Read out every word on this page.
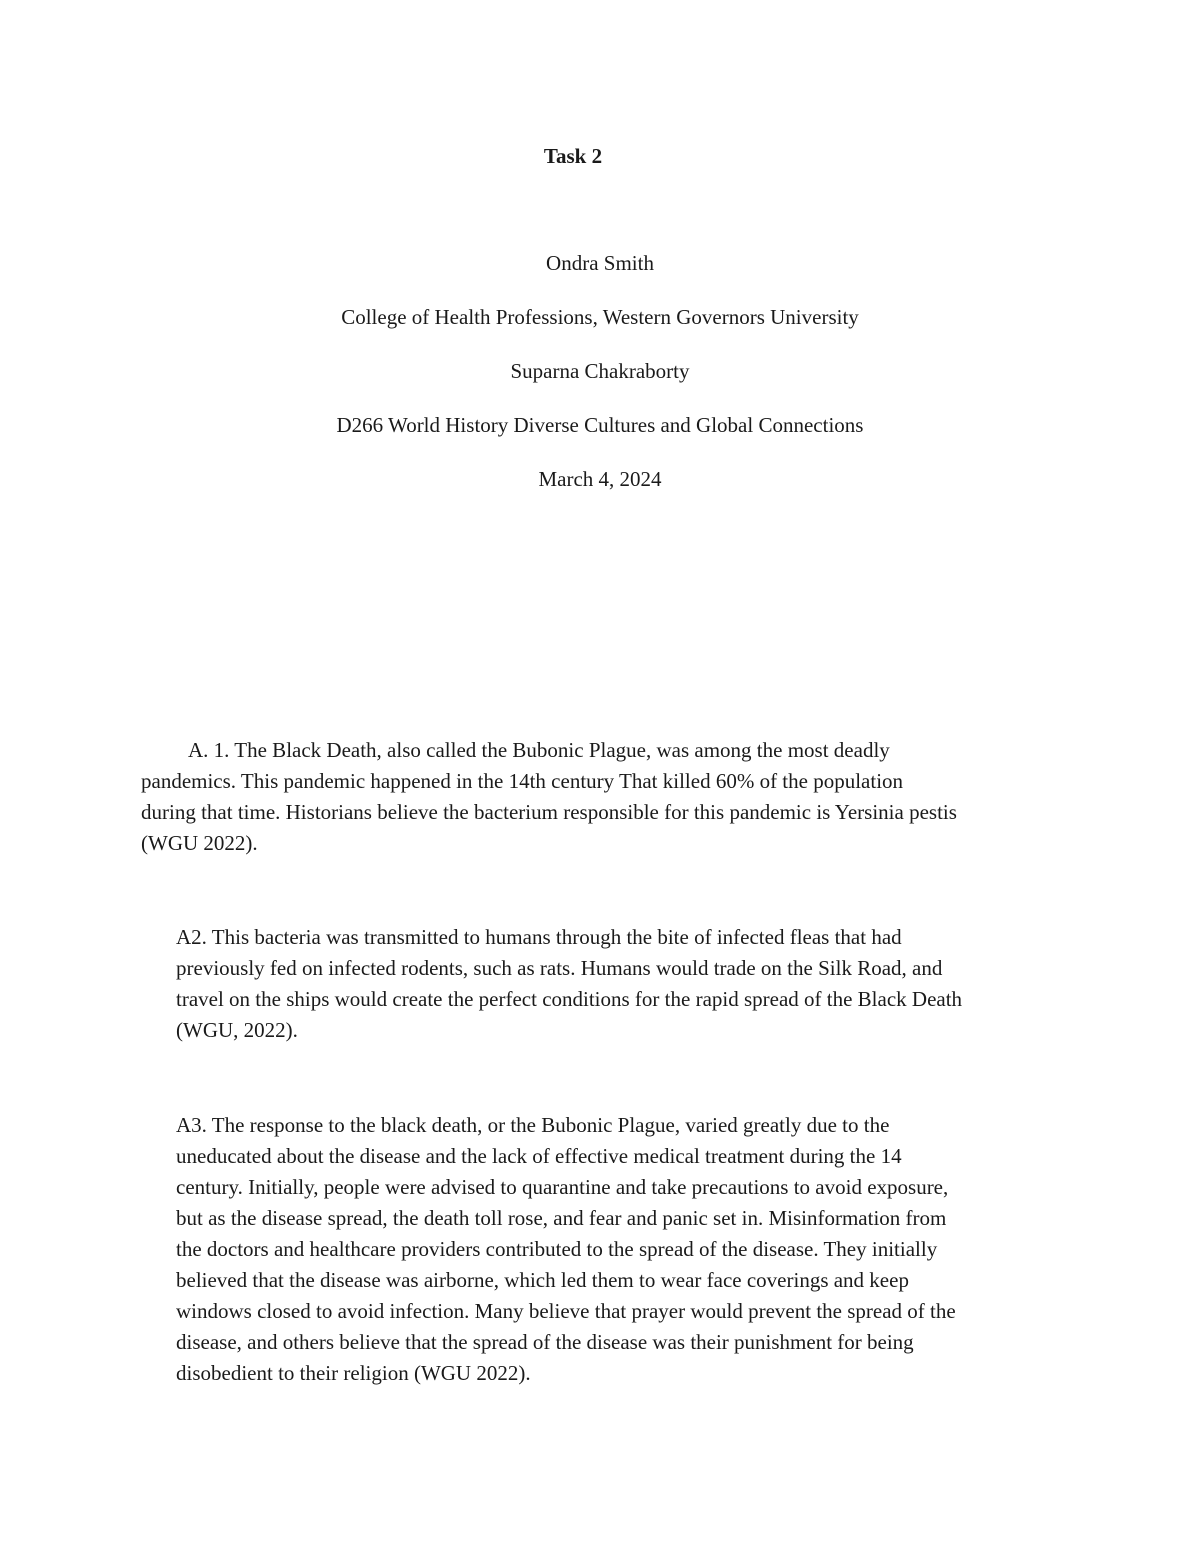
Task 2
Ondra Smith
College of Health Professions, Western Governors University
Suparna Chakraborty
D266 World History Diverse Cultures and Global Connections
March 4, 2024
A. 1. The Black Death, also called the Bubonic Plague, was among the most deadly
pandemics. This pandemic happened in the 14th century That killed 60% of the population
during that time. Historians believe the bacterium responsible for this pandemic is Yersinia pestis
(WGU 2022).
A2. This bacteria was transmitted to humans through the bite of infected fleas that had
previously fed on infected rodents, such as rats. Humans would trade on the Silk Road, and
travel on the ships would create the perfect conditions for the rapid spread of the Black Death
(WGU, 2022).
A3. The response to the black death, or the Bubonic Plague, varied greatly due to the
uneducated about the disease and the lack of effective medical treatment during the 14
century. Initially, people were advised to quarantine and take precautions to avoid exposure,
but as the disease spread, the death toll rose, and fear and panic set in. Misinformation from
the doctors and healthcare providers contributed to the spread of the disease. They initially
believed that the disease was airborne, which led them to wear face coverings and keep
windows closed to avoid infection. Many believe that prayer would prevent the spread of the
disease, and others believe that the spread of the disease was their punishment for being
disobedient to their religion (WGU 2022).
